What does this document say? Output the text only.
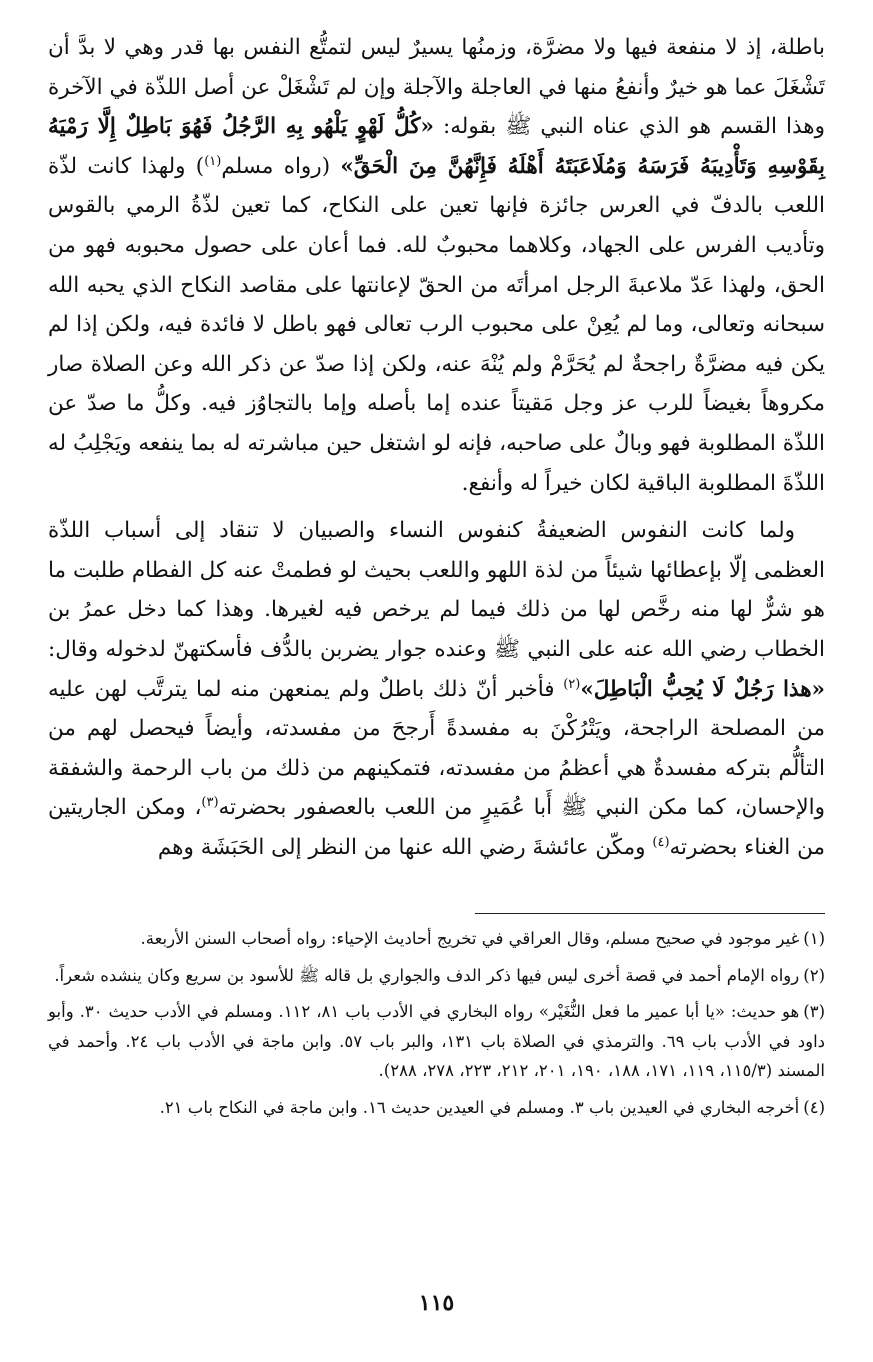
باطلة، إذ لا منفعة فيها ولا مضرَّة، وزمنُها يسيرٌ ليس لتمتُّع النفس بها قدر وهي لا بدَّ أن تَشْغَلَ عما هو خيرٌ وأنفعُ منها في العاجلة والآجلة وإن لم تَشْغَلْ عن أصل اللذّة في الآخرة وهذا القسم هو الذي عناه النبي ﷺ بقوله: «كُلُّ لَهْوٍ يَلْهُو بِهِ الرَّجُلُ فَهُوَ بَاطِلٌ إِلَّا رَمْيَهُ بِقَوْسِهِ وَتَأْدِيبَهُ فَرَسَهُ وَمُلَاعَبَتَهُ أَهْلَهُ فَإِنَّهُنَّ مِنَ الْحَقِّ» (رواه مسلم$^{(١)}$) ولهذا كانت لذّة اللعب بالدفّ في العرس جائزة فإنها تعين على النكاح، كما تعين لذّةُ الرمي بالقوس وتأديب الفرس على الجهاد، وكلاهما محبوبٌ لله. فما أعان على حصول محبوبه فهو من الحق، ولهذا عَدّ ملاعبةَ الرجل امرأتَه من الحقّ لإعانتها على مقاصد النكاح الذي يحبه الله سبحانه وتعالى، وما لم يُعِنْ على محبوب الرب تعالى فهو باطل لا فائدة فيه، ولكن إذا لم يكن فيه مضرَّةٌ راجحةٌ لم يُحَرَّمْ ولم يُنْهَ عنه، ولكن إذا صدّ عن ذكر الله وعن الصلاة صار مكروهاً بغيضاً للرب عز وجل مَقيتاً عنده إما بأصله وإما بالتجاوُز فيه. وكلُّ ما صدّ عن اللذّة المطلوبة فهو وبالٌ على صاحبه، فإنه لو اشتغل حين مباشرته له بما ينفعه ويَجْلِبُ له اللذّةَ المطلوبة الباقية لكان خيراً له وأنفع.

ولما كانت النفوس الضعيفةُ كنفوس النساء والصبيان لا تنقاد إلى أسباب اللذّة العظمى إلّا بإعطائها شيئاً من لذة اللهو واللعب بحيث لو فطمتْ عنه كل الفطام طلبت ما هو شرٌّ لها منه رخَّص لها من ذلك فيما لم يرخص فيه لغيرها. وهذا كما دخل عمرُ بن الخطاب رضي الله عنه على النبي ﷺ وعنده جوار يضربن بالدُّف فأسكتهنّ لدخوله وقال: «هذا رَجُلٌ لَا يُحِبُّ الْبَاطِلَ»$^{(٢)}$ فأخبر أنّ ذلك باطلٌ ولم يمنعهن منه لما يترتَّب لهن عليه من المصلحة الراجحة، ويَتْرُكْنَ به مفسدةً أَرجحَ من مفسدته، وأيضاً فيحصل لهم من التألُّم بتركه مفسدةٌ هي أعظمُ من مفسدته، فتمكينهم من ذلك من باب الرحمة والشفقة والإحسان، كما مكن النبي ﷺ أَبا عُمَيرٍ من اللعب بالعصفور بحضرته$^{(٣)}$، ومكن الجاريتين من الغناء بحضرته$^{(٤)}$ ومكّن عائشةَ رضي الله عنها من النظر إلى الحَبَشَة وهم

(١)غير موجود في صحيح مسلم، وقال العراقي في تخريج أحاديث الإحياء: رواه أصحاب السنن الأربعة.

(٢)رواه الإمام أحمد في قصة أخرى ليس فيها ذكر الدف والجواري بل قاله ﷺ للأسود بن سريع وكان ينشده شعراً.

(٣)هو حديث: «يا أبا عمير ما فعل النُّغَيْر» رواه البخاري في الأدب باب ٨١، ١١٢. ومسلم في الأدب حديث ٣٠. وأبو داود في الأدب باب ٦٩. والترمذي في الصلاة باب ١٣١، والبر باب ٥٧. وابن ماجة في الأدب باب ٢٤. وأحمد في المسند (١١٥/٣، ١١٩، ١٧١، ١٨٨، ١٩٠، ٢٠١، ٢١٢، ٢٢٣، ٢٧٨، ٢٨٨).

(٤)أخرجه البخاري في العيدين باب ٣. ومسلم في العيدين حديث ١٦. وابن ماجة في النكاح باب ٢١.

١١٥
